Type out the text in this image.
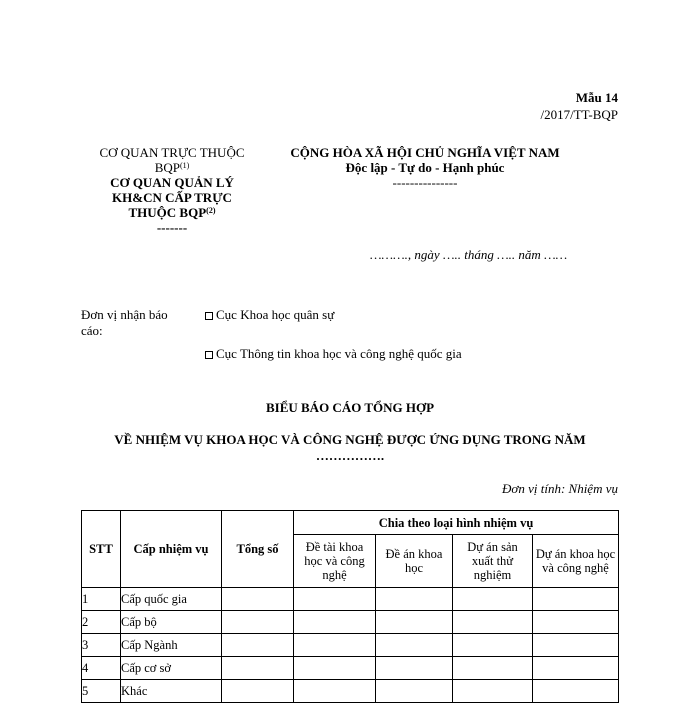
Mẫu 14
/2017/TT-BQP
CƠ QUAN TRỰC THUỘC BQP$^{(1)}$
CƠ QUAN QUẢN LÝ
KH&CN CẤP TRỰC
THUỘC BQP$^{(2)}$
-------
CỘNG HÒA XÃ HỘI CHỦ NGHĨA VIỆT NAM
Độc lập - Tự do - Hạnh phúc
---------------
………., ngày ….. tháng ….. năm ……
Đơn vị nhận báo
cáo:
Cục Khoa học quân sự
Cục Thông tin khoa học và công nghệ quốc gia
BIỂU BÁO CÁO TỔNG HỢP
VỀ NHIỆM VỤ KHOA HỌC VÀ CÔNG NGHỆ ĐƯỢC ỨNG DỤNG TRONG NĂM
…………….
Đơn vị tính: Nhiệm vụ
STT	Cấp nhiệm vụ	Tổng số	Chia theo loại hình nhiệm vụ			
			Đề tài khoa học và công nghệ	Đề án khoa học	Dự án sản xuất thử nghiệm	Dự án khoa học và công nghệ
1	Cấp quốc gia					
2	Cấp bộ					
3	Cấp Ngành					
4	Cấp cơ sở					
5	Khác					
